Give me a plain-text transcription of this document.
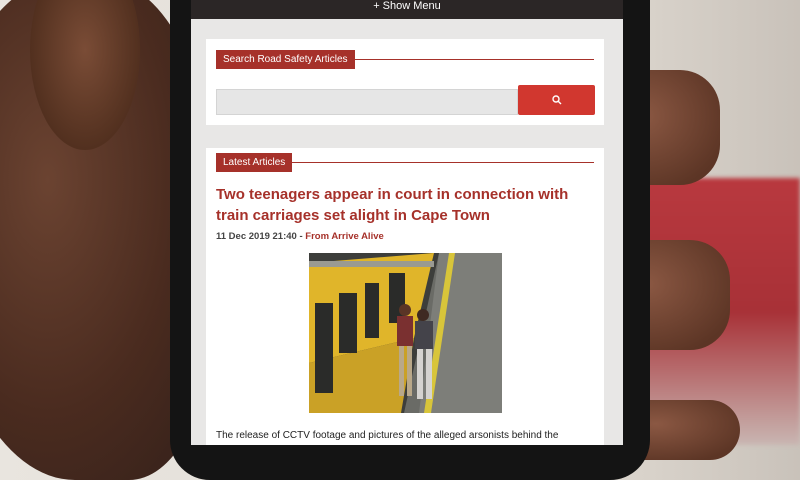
+ Show Menu
Search Road Safety Articles
Latest Articles
Two teenagers appear in court in connection with train carriages set alight in Cape Town
11 Dec 2019 21:40 - From Arrive Alive
The release of CCTV footage and pictures of the alleged arsonists behind the
